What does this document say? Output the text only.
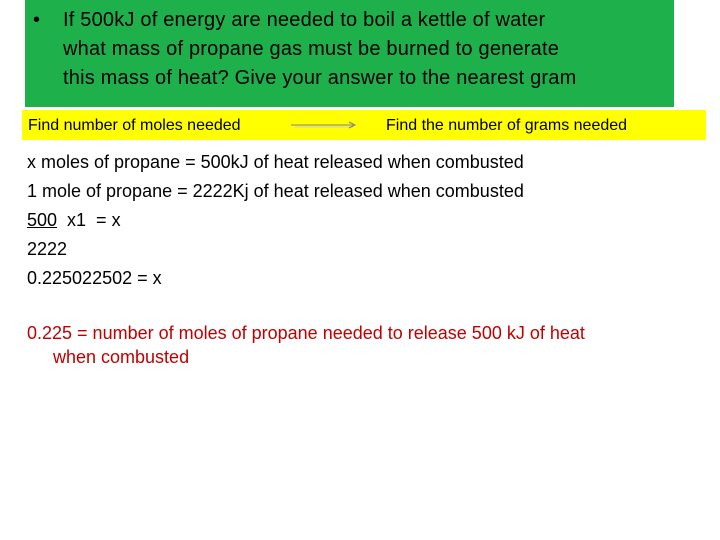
•	If 500kJ of energy are needed to boil a kettle of water
what mass of propane gas must be burned to generate
this mass of heat? Give your answer to the nearest gram
Find number of moles needed	Find the number of grams needed
x moles of propane = 500kJ of heat released when combusted
1 mole of propane = 2222Kj of heat released when combusted
500  x1  = x
2222
0.225022502 = x
0.225 = number of moles of propane needed to release 500 kJ of heat
when combusted
